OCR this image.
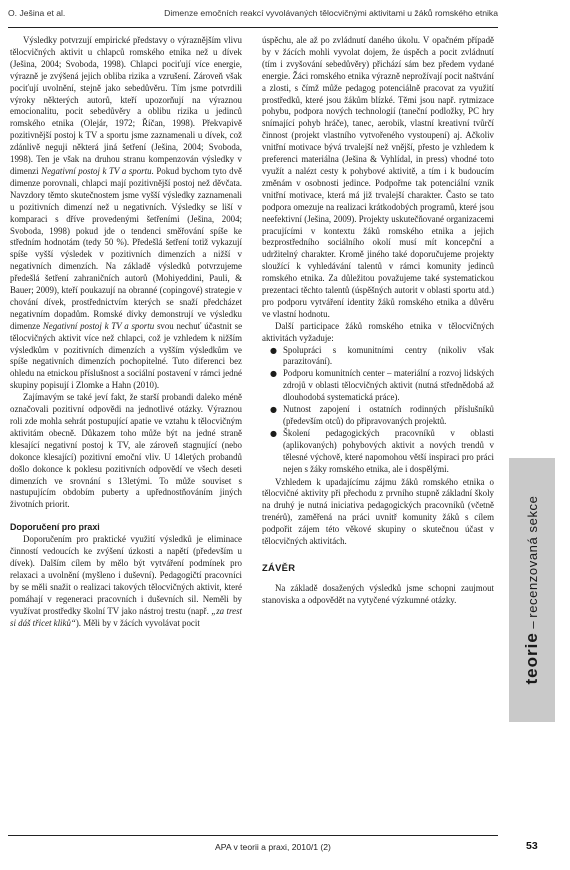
O. Ješina et al.	Dimenze emočních reakcí vyvolávaných tělocvičnými aktivitami u žáků romského etnika

Výsledky potvrzují empirické představy o výraznějším vlivu tělocvičných aktivit u chlapců romského etnika než u dívek (Ješina, 2004; Svoboda, 1998). Chlapci pociťují více energie, výrazně je zvýšená jejich obliba rizika a vzrušení. Zároveň však pociťují uvolnění, stejně jako sebedůvěru. Tím jsme potvrdili výroky některých autorů, kteří upozorňují na výraznou emocionalitu, pocit sebedůvěry a oblibu rizika u jedinců romského etnika (Olejár, 1972; Říčan, 1998). Překvapivě pozitivnější postoj k TV a sportu jsme zaznamenali u dívek, což zdánlivě neguji některá jiná šetření (Ješina, 2004; Svoboda, 1998). Ten je však na druhou stranu kompenzován výsledky v dimenzi Negativní postoj k TV a sportu. Pokud bychom tyto dvě dimenze porovnali, chlapci mají pozitivnější postoj než děvčata. Navzdory těmto skutečnostem jsme vyšší výsledky zaznamenali u pozitivních dimenzí než u negativních. Výsledky se liší v komparaci s dříve provedenými šetřeními (Ješina, 2004; Svoboda, 1998) pokud jde o tendenci směřování spíše ke středním hodnotám (tedy 50 %). Předešlá šetření totiž vykazují spíše vyšší výsledek v pozitivních dimenzích a nižší v negativních dimenzích. Na základě výsledků potvrzujeme předešlá šetření zahraničních autorů (Mohiyeddini, Pauli, & Bauer; 2009), kteří poukazují na obranné (copingové) strategie v chování dívek, prostřednictvím kterých se snaží předcházet negativním dopadům. Romské dívky demonstrují ve výsledku dimenze Negativní postoj k TV a sportu svou nechuť účastnit se tělocvičných aktivit více než chlapci, což je vzhledem k nižším výsledkům v pozitivních dimenzích a vyšším výsledkům ve spíše negativních dimenzích pochopitelné. Tuto diferenci bez ohledu na etnickou příslušnost a sociální postavení v rámci jedné skupiny popisují i Zlomke a Hahn (2010).

Zajímavým se také jeví fakt, že starší probandi daleko méně označovali pozitivní odpovědi na jednotlivé otázky. Výraznou roli zde mohla sehrát postupující apatie ve vztahu k tělocvičným aktivitám obecně. Důkazem toho může být na jedné straně klesající negativní postoj k TV, ale zároveň stagnující (nebo dokonce klesající) pozitivní emoční vliv. U 14letých probandů došlo dokonce k poklesu pozitivních odpovědí ve všech deseti dimenzích ve srovnání s 13letými. To může souviset s nastupujícím obdobím puberty a upřednostňováním jiných životních priorit.

Doporučení pro praxi

Doporučením pro praktické využití výsledků je eliminace činností vedoucích ke zvýšení úzkosti a napětí (především u dívek). Dalším cílem by mělo být vytváření podmínek pro relaxaci a uvolnění (myšleno i duševní). Pedagogičtí pracovníci by se měli snažit o realizaci takových tělocvičných aktivit, které pomáhají v regeneraci pracovních i duševních sil. Neměli by využívat prostředky školní TV jako nástroj trestu (např. „za trest si dáš třicet kliků“). Měli by v žácích vyvolávat pocit

úspěchu, ale až po zvládnutí daného úkolu. V opačném případě by v žácích mohli vyvolat dojem, že úspěch a pocit zvládnutí (tím i zvyšování sebedůvěry) přichází sám bez předem vydané energie. Žáci romského etnika výrazně neprožívají pocit naštvání a zlosti, s čímž může pedagog potenciálně pracovat za využití prostředků, které jsou žákům blízké. Těmi jsou např. rytmizace pohybu, podpora nových technologií (taneční podložky, PC hry snímající pohyb hráče), tanec, aerobik, vlastní kreativní tvůrčí činnost (projekt vlastního vytvořeného vystoupení) aj. Ačkoliv vnitřní motivace bývá trvalejší než vnější, přesto je vzhledem k preferenci materiálna (Ješina & Vyhlídal, in press) vhodné toto využít a nalézt cesty k pohybové aktivitě, a tím i k budoucím změnám v osobnosti jedince. Podpořme tak potenciální vznik vnitřní motivace, která má již trvalejší charakter. Často se tato podpora omezuje na realizaci krátkodobých programů, které jsou neefektivní (Ješina, 2009). Projekty uskutečňované organizacemi pracujícími v kontextu žáků romského etnika a jejich bezprostředního sociálního okolí musí mít koncepční a udržitelný charakter. Kromě jiného také doporučujeme projekty sloužící k vyhledávání talentů v rámci komunity jedinců romského etnika. Za důležitou považujeme také systematickou prezentaci těchto talentů (úspěšných autorit v oblasti sportu atd.) pro podporu vytváření identity žáků romského etnika a důvěru ve vlastní hodnotu.

Další participace žáků romského etnika v tělocvičných aktivitách vyžaduje:

● Spolupráci s komunitními centry (nikoliv však parazitování).
● Podporu komunitních center – materiální a rozvoj lidských zdrojů v oblasti tělocvičných aktivit (nutná střednědobá až dlouhodobá systematická práce).
● Nutnost zapojení i ostatních rodinných příslušníků (především otců) do připravovaných projektů.
● Školení pedagogických pracovníků v oblasti (aplikovaných) pohybových aktivit a nových trendů v tělesné výchově, které napomohou větší inspiraci pro práci nejen s žáky romského etnika, ale i dospělými.

Vzhledem k upadajícímu zájmu žáků romského etnika o tělocvičné aktivity při přechodu z prvního stupně základní školy na druhý je nutná iniciativa pedagogických pracovníků (včetně trenérů), zaměřená na práci uvnitř komunity žáků s cílem podpořit zájem této věkové skupiny o skutečnou účast v tělocvičných aktivitách.

ZÁVĚR

Na základě dosažených výsledků jsme schopni zaujmout stanoviska a odpovědět na vytyčené výzkumné otázky.

teorie – recenzovaná sekce
APA v teorii a praxi, 2010/1 (2)	53
